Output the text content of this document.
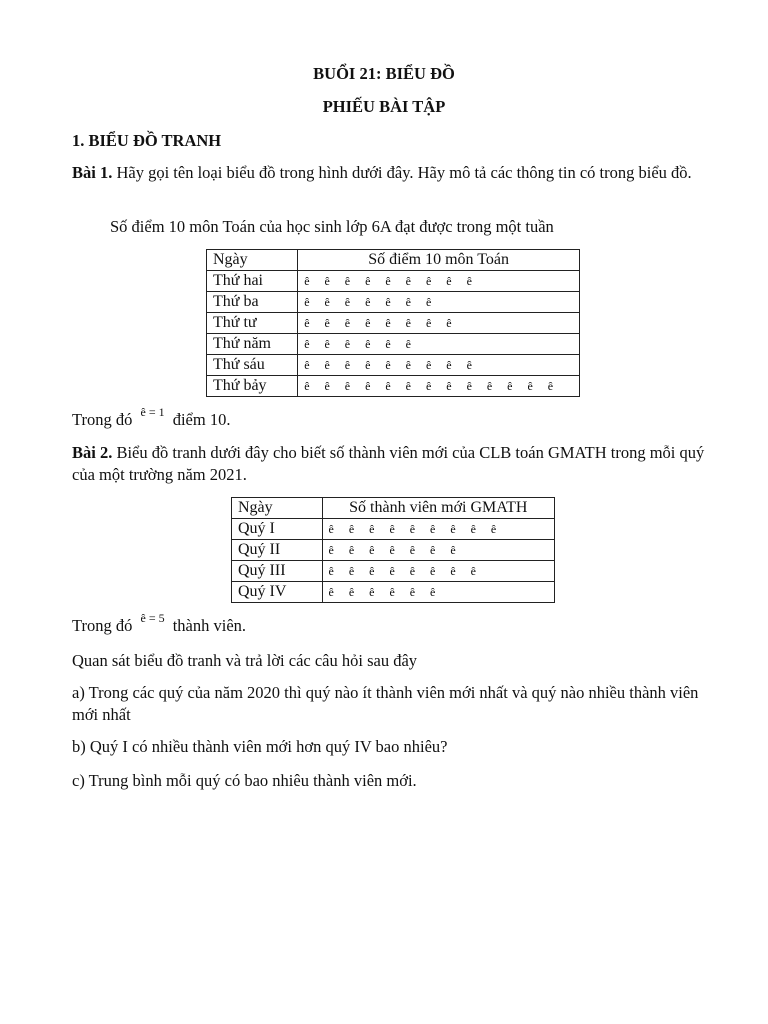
BUỔI 21: BIỂU ĐỒ
PHIẾU BÀI TẬP
1. BIỂU ĐỒ TRANH
Bài 1. Hãy gọi tên loại biểu đồ trong hình dưới đây. Hãy mô tả các thông tin có trong biểu đồ.
Số điểm 10 môn Toán của học sinh lớp 6A đạt được trong một tuần
Ngày	Số điểm 10 môn Toán
Thứ hai	ê ê ê ê ê ê ê ê ê
Thứ ba	ê ê ê ê ê ê ê
Thứ tư	ê ê ê ê ê ê ê ê
Thứ năm	ê ê ê ê ê ê
Thứ sáu	ê ê ê ê ê ê ê ê ê
Thứ bảy	ê ê ê ê ê ê ê ê ê ê ê ê ê
Trong đó ê = 1 điểm 10.
Bài 2. Biểu đồ tranh dưới đây cho biết số thành viên mới của CLB toán GMATH trong mỗi quý của một trường năm 2021.
Ngày	Số thành viên mới GMATH
Quý I	ê ê ê ê ê ê ê ê ê
Quý II	ê ê ê ê ê ê ê
Quý III	ê ê ê ê ê ê ê ê
Quý IV	ê ê ê ê ê ê
Trong đó ê = 5 thành viên.
Quan sát biểu đồ tranh và trả lời các câu hỏi sau đây
a) Trong các quý của năm 2020 thì quý nào ít thành viên mới nhất và quý nào nhiều thành viên mới nhất
b) Quý I có nhiều thành viên mới hơn quý IV bao nhiêu?
c) Trung bình mỗi quý có bao nhiêu thành viên mới.
